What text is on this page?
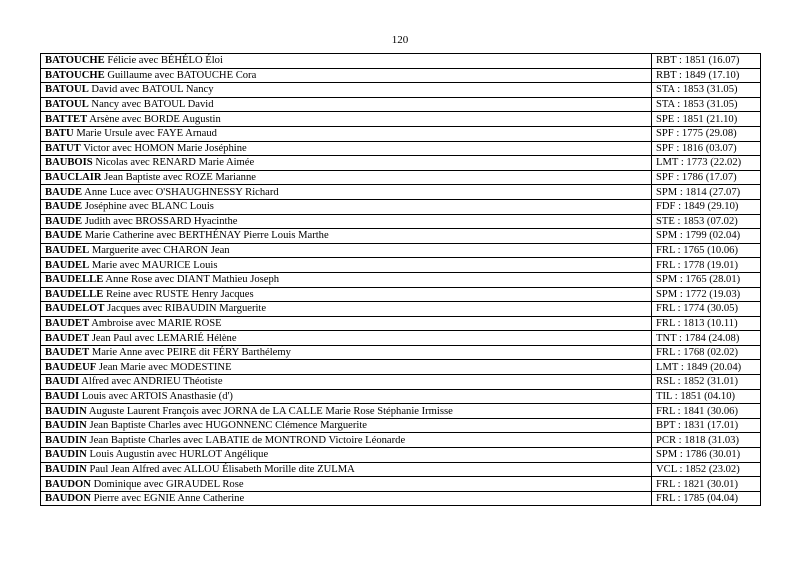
120
BATOUCHE Félicie avec BÉHÉLO Éloi	RBT : 1851 (16.07)
BATOUCHE Guillaume avec BATOUCHE Cora	RBT : 1849 (17.10)
BATOUL David avec BATOUL Nancy	STA : 1853 (31.05)
BATOUL Nancy avec BATOUL David	STA : 1853 (31.05)
BATTET Arsène avec BORDE Augustin	SPE : 1851 (21.10)
BATU Marie Ursule avec FAYE Arnaud	SPF : 1775 (29.08)
BATUT Victor avec HOMON Marie Joséphine	SPF : 1816 (03.07)
BAUBOIS Nicolas avec RENARD Marie Aimée	LMT : 1773 (22.02)
BAUCLAIR Jean Baptiste avec ROZE Marianne	SPF : 1786 (17.07)
BAUDE Anne Luce avec O'SHAUGHNESSY Richard	SPM : 1814 (27.07)
BAUDE Joséphine avec BLANC Louis	FDF : 1849 (29.10)
BAUDE Judith avec BROSSARD Hyacinthe	STE : 1853 (07.02)
BAUDE Marie Catherine avec BERTHÉNAY Pierre Louis Marthe	SPM : 1799 (02.04)
BAUDEL Marguerite avec CHARON Jean	FRL : 1765 (10.06)
BAUDEL Marie avec MAURICE Louis	FRL : 1778 (19.01)
BAUDELLE Anne Rose avec DIANT Mathieu Joseph	SPM : 1765 (28.01)
BAUDELLE Reine avec RUSTE Henry Jacques	SPM : 1772 (19.03)
BAUDELOT Jacques avec RIBAUDIN Marguerite	FRL : 1774 (30.05)
BAUDET Ambroise avec MARIE ROSE	FRL : 1813 (10.11)
BAUDET Jean Paul avec LEMARIÉ Hélène	TNT : 1784 (24.08)
BAUDET Marie Anne avec PEIRE dit FÉRY Barthélemy	FRL : 1768 (02.02)
BAUDEUF Jean Marie avec MODESTINE	LMT : 1849 (20.04)
BAUDI Alfred avec ANDRIEU Théotiste	RSL : 1852 (31.01)
BAUDI Louis avec ARTOIS Anasthasie (d')	TIL : 1851 (04.10)
BAUDIN Auguste Laurent François avec JORNA de LA CALLE Marie Rose Stéphanie Irmisse	FRL : 1841 (30.06)
BAUDIN Jean Baptiste Charles avec HUGONNENC Clémence Marguerite	BPT : 1831 (17.01)
BAUDIN Jean Baptiste Charles avec LABATIE de MONTROND Victoire Léonarde	PCR : 1818 (31.03)
BAUDIN Louis Augustin avec HURLOT Angélique	SPM : 1786 (30.01)
BAUDIN Paul Jean Alfred avec ALLOU Élisabeth Morille dite ZULMA	VCL : 1852 (23.02)
BAUDON Dominique avec GIRAUDEL Rose	FRL : 1821 (30.01)
BAUDON Pierre avec EGNIE Anne Catherine	FRL : 1785 (04.04)
